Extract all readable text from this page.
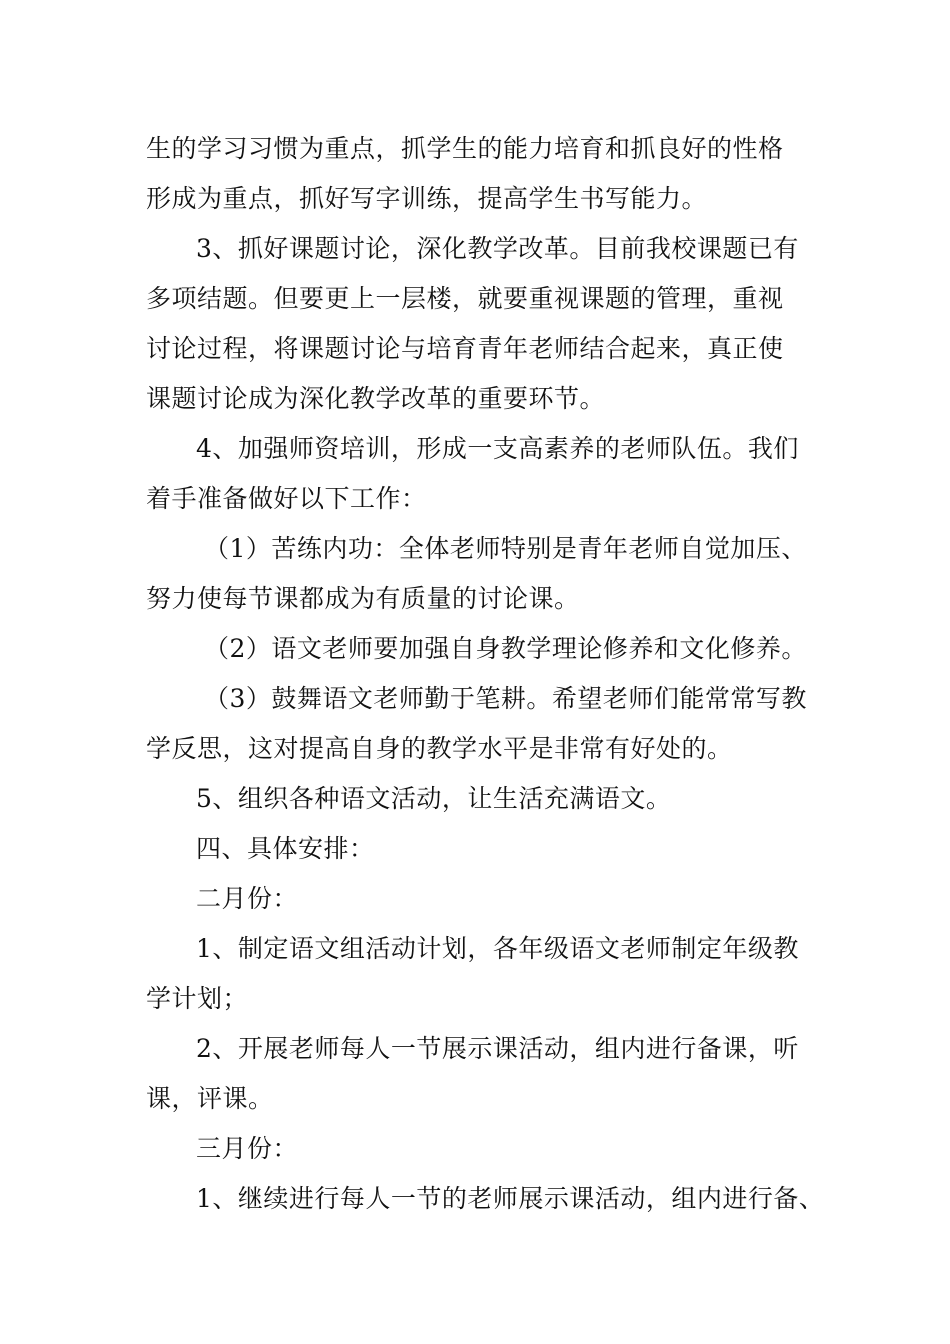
生的学习习惯为重点，抓学生的能力培育和抓良好的性格
形成为重点，抓好写字训练，提高学生书写能力。
3、抓好课题讨论，深化教学改革。目前我校课题已有
多项结题。但要更上一层楼，就要重视课题的管理，重视
讨论过程，将课题讨论与培育青年老师结合起来，真正使
课题讨论成为深化教学改革的重要环节。
4、加强师资培训，形成一支高素养的老师队伍。我们
着手准备做好以下工作：
（1）苦练内功：全体老师特别是青年老师自觉加压、
努力使每节课都成为有质量的讨论课。
（2）语文老师要加强自身教学理论修养和文化修养。
（3）鼓舞语文老师勤于笔耕。希望老师们能常常写教
学反思，这对提高自身的教学水平是非常有好处的。
5、组织各种语文活动，让生活充满语文。
四、具体安排：
二月份：
1、制定语文组活动计划，各年级语文老师制定年级教
学计划；
2、开展老师每人一节展示课活动，组内进行备课，听
课，评课。
三月份：
1、继续进行每人一节的老师展示课活动，组内进行备、
